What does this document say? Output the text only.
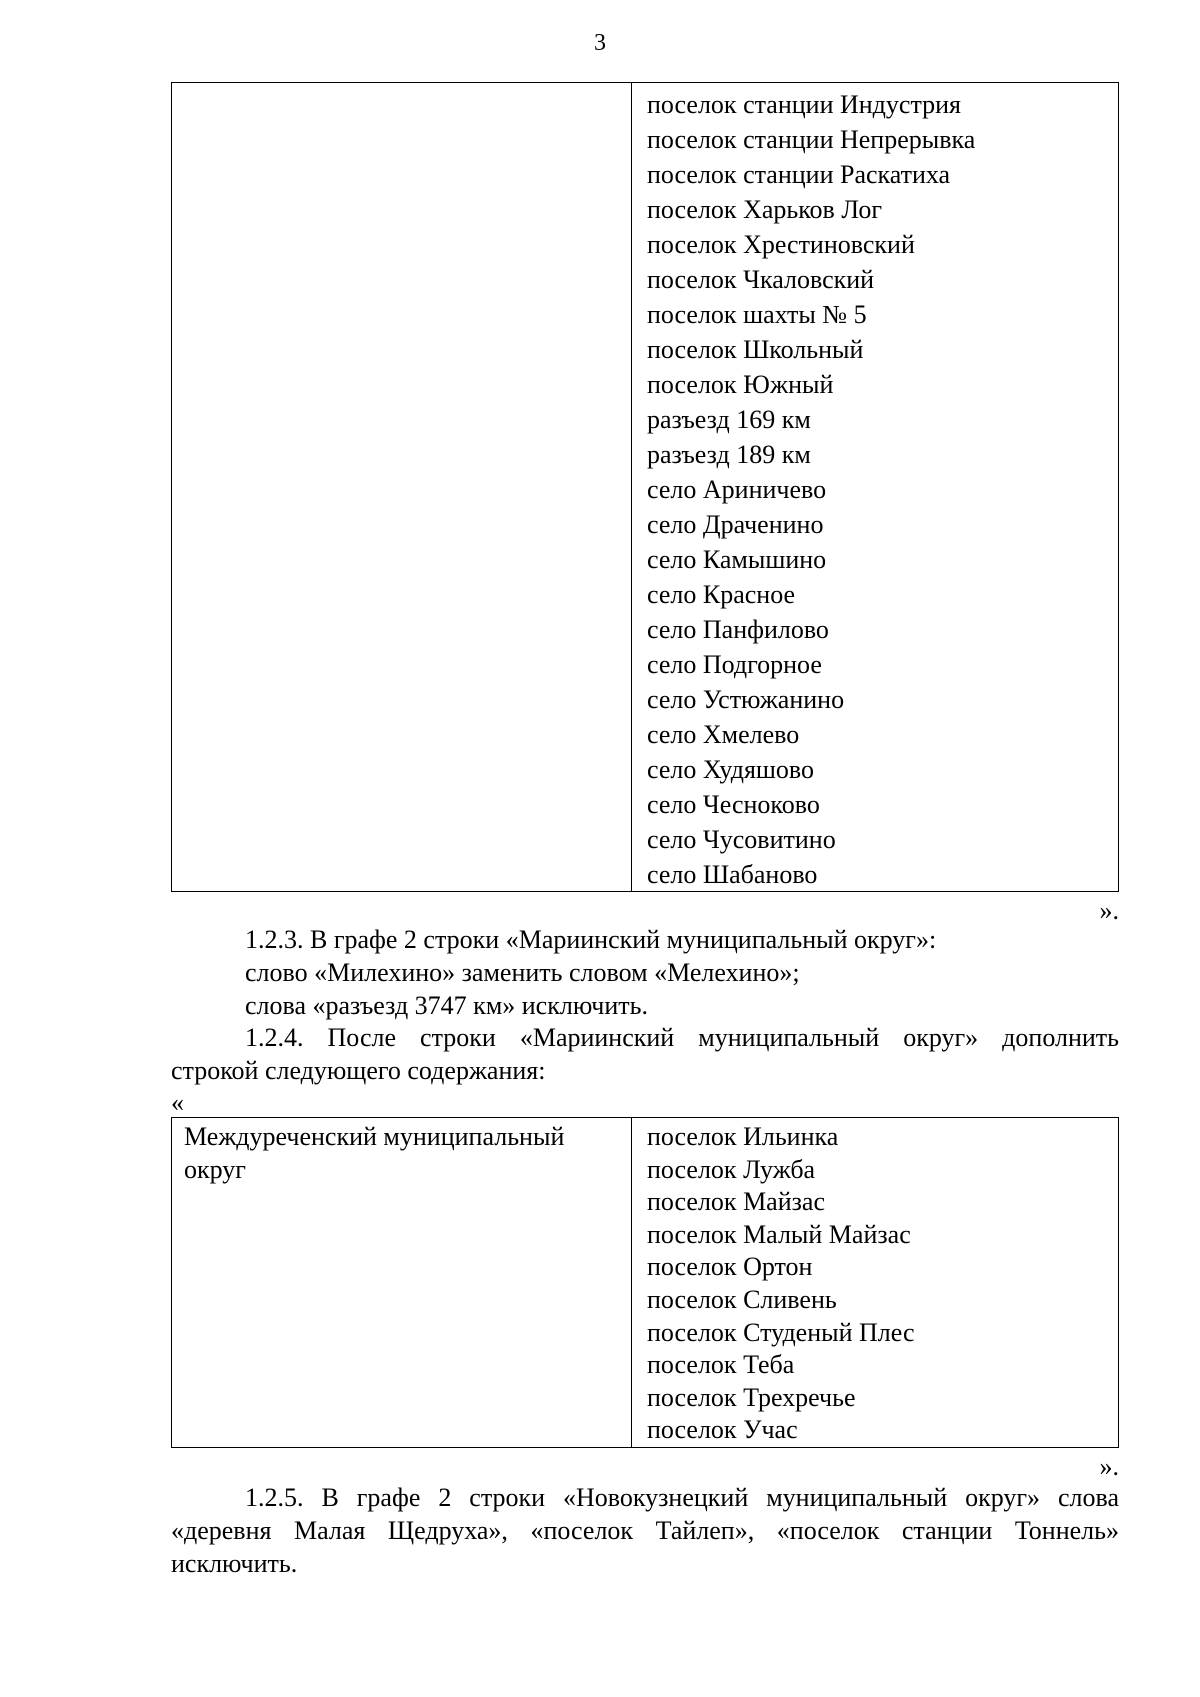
3
поселок станции Индустрия
поселок станции Непрерывка
поселок станции Раскатиха
поселок Харьков Лог
поселок Хрестиновский
поселок Чкаловский
поселок шахты № 5
поселок Школьный
поселок Южный
разъезд 169 км
разъезд 189 км
село Ариничево
село Драченино
село Камышино
село Красное
село Панфилово
село Подгорное
село Устюжанино
село Хмелево
село Худяшово
село Чесноково
село Чусовитино
село Шабаново
».
1.2.3. В графе 2 строки «Мариинский муниципальный округ»:
слово «Милехино» заменить словом «Мелехино»;
слова «разъезд 3747 км» исключить.
1.2.4. После строки «Мариинский муниципальный округ» дополнить
строкой следующего содержания:
«
Междуреченский муниципальный
округ
поселок Ильинка
поселок Лужба
поселок Майзас
поселок Малый Майзас
поселок Ортон
поселок Сливень
поселок Студеный Плес
поселок Теба
поселок Трехречье
поселок Учас
».
1.2.5. В графе 2 строки «Новокузнецкий муниципальный округ» слова
«деревня Малая Щедруха», «поселок Тайлеп», «поселок станции Тоннель»
исключить.
